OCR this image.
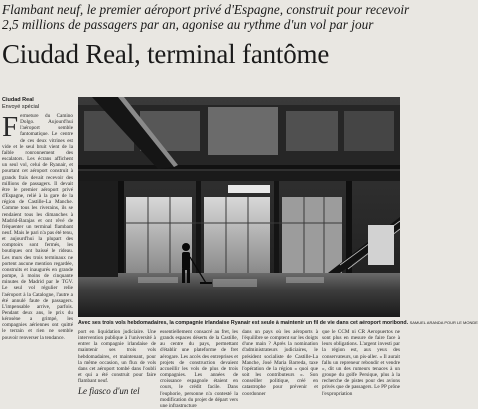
Flambant neuf, le premier aéroport privé d'Espagne, construit pour recevoir
2,5 millions de passagers par an, agonise au rythme d'un vol par jour
Ciudad Real, terminal fantôme
Ciudad Real
Envoyé spécial
F ermeture du Camino Dolgo. Aujourd'hui l'aéroport semble fantomatique. Le centre de ces deux vitrines est vide et le seul bruit vient de la faible ronronnement des escalators. Les écrans affichent un seul vol, celui de Ryanair, et pourtant cet aéroport construit à grands frais devait recevoir des millions de passagers. Il devait être le premier aéroport privé d'Espagne, relié à la gare de la région de Castille-La Manche. Comme tous les riverains, ils se rendaient tous les dimanches à Madrid-Barajas et ont rêvé de fréquenter un terminal flambant neuf. Mais le pari n'a pas été tenu, et aujourd'hui la plupart des comptoirs sont fermés, les boutiques ont baissé le rideau. Les murs des trois terminaux ne portent aucune mention regardée, construits et inaugurés en grande pompe, à moins de cinquante minutes de Madrid par le TGV. Le seul vol régulier relie l'aéroport à la Catalogne, l'autre a été annulé faute de passagers. L'impensable arrive, parfois. Pendant deux ans, le prix du kérosène a grimpé, les compagnies aériennes ont quitté le terrain et rien ne semble pouvoir renverser la tendance.

Avec ses trois vols hebdomadaires, la compagnie irlandaise Ryanair est seule à maintenir un fil de vie dans cet aéroport moribond. SAMUEL ARANDA POUR LE MONDE

port en liquidation judiciaire. Une intervention publique à l'université à entrer la compagnie irlandaise de maintenir ses trois vols hebdomadaires, et maintenant, pour la même occasion, un flux de vols dans cet aéroport tombé dans l'oubli et qui a été construit pour faire flambant neuf.

Le fiasco d'un tel

essentiellement consacré au fret, les grands espaces déserts de la Castille, au centre du pays, permettant d'établir une plateforme de fret aérogare. Les accès des entreprises et projets de construction devaient accueillir les vols de plus de trois compagnies. Les années de croissance espagnole étaient en cours, le crédit facile. Dans l'euphorie, personne n'a contesté la modification du projet de départ vers une infrastructure

dans un pays où les aéroports à l'équilibre se comptent sur les doigts d'une main ? Après la nomination d'administrateurs judiciaires, le président socialiste de Castille-La Manche, José Maria Barreda, taxe l'opération de la région « quoi que soit les contributeurs ». Son conseiller politique, créé en catastrophe pour prévenir et coordonner

que le CCM ni CR Aeropuertos ne sont plus en mesure de faire face à leurs obligations. L'argent investi par la région est, aux yeux des conservateurs, un pis-aller. « Il aurait fallu un repreneur rebondir et vendre », dit un des rumeurs tenaces à un groupe du golfe Persique, plus à la recherche de pistes pour des avions privés que de passagers. Le PP prône l'expropriation
